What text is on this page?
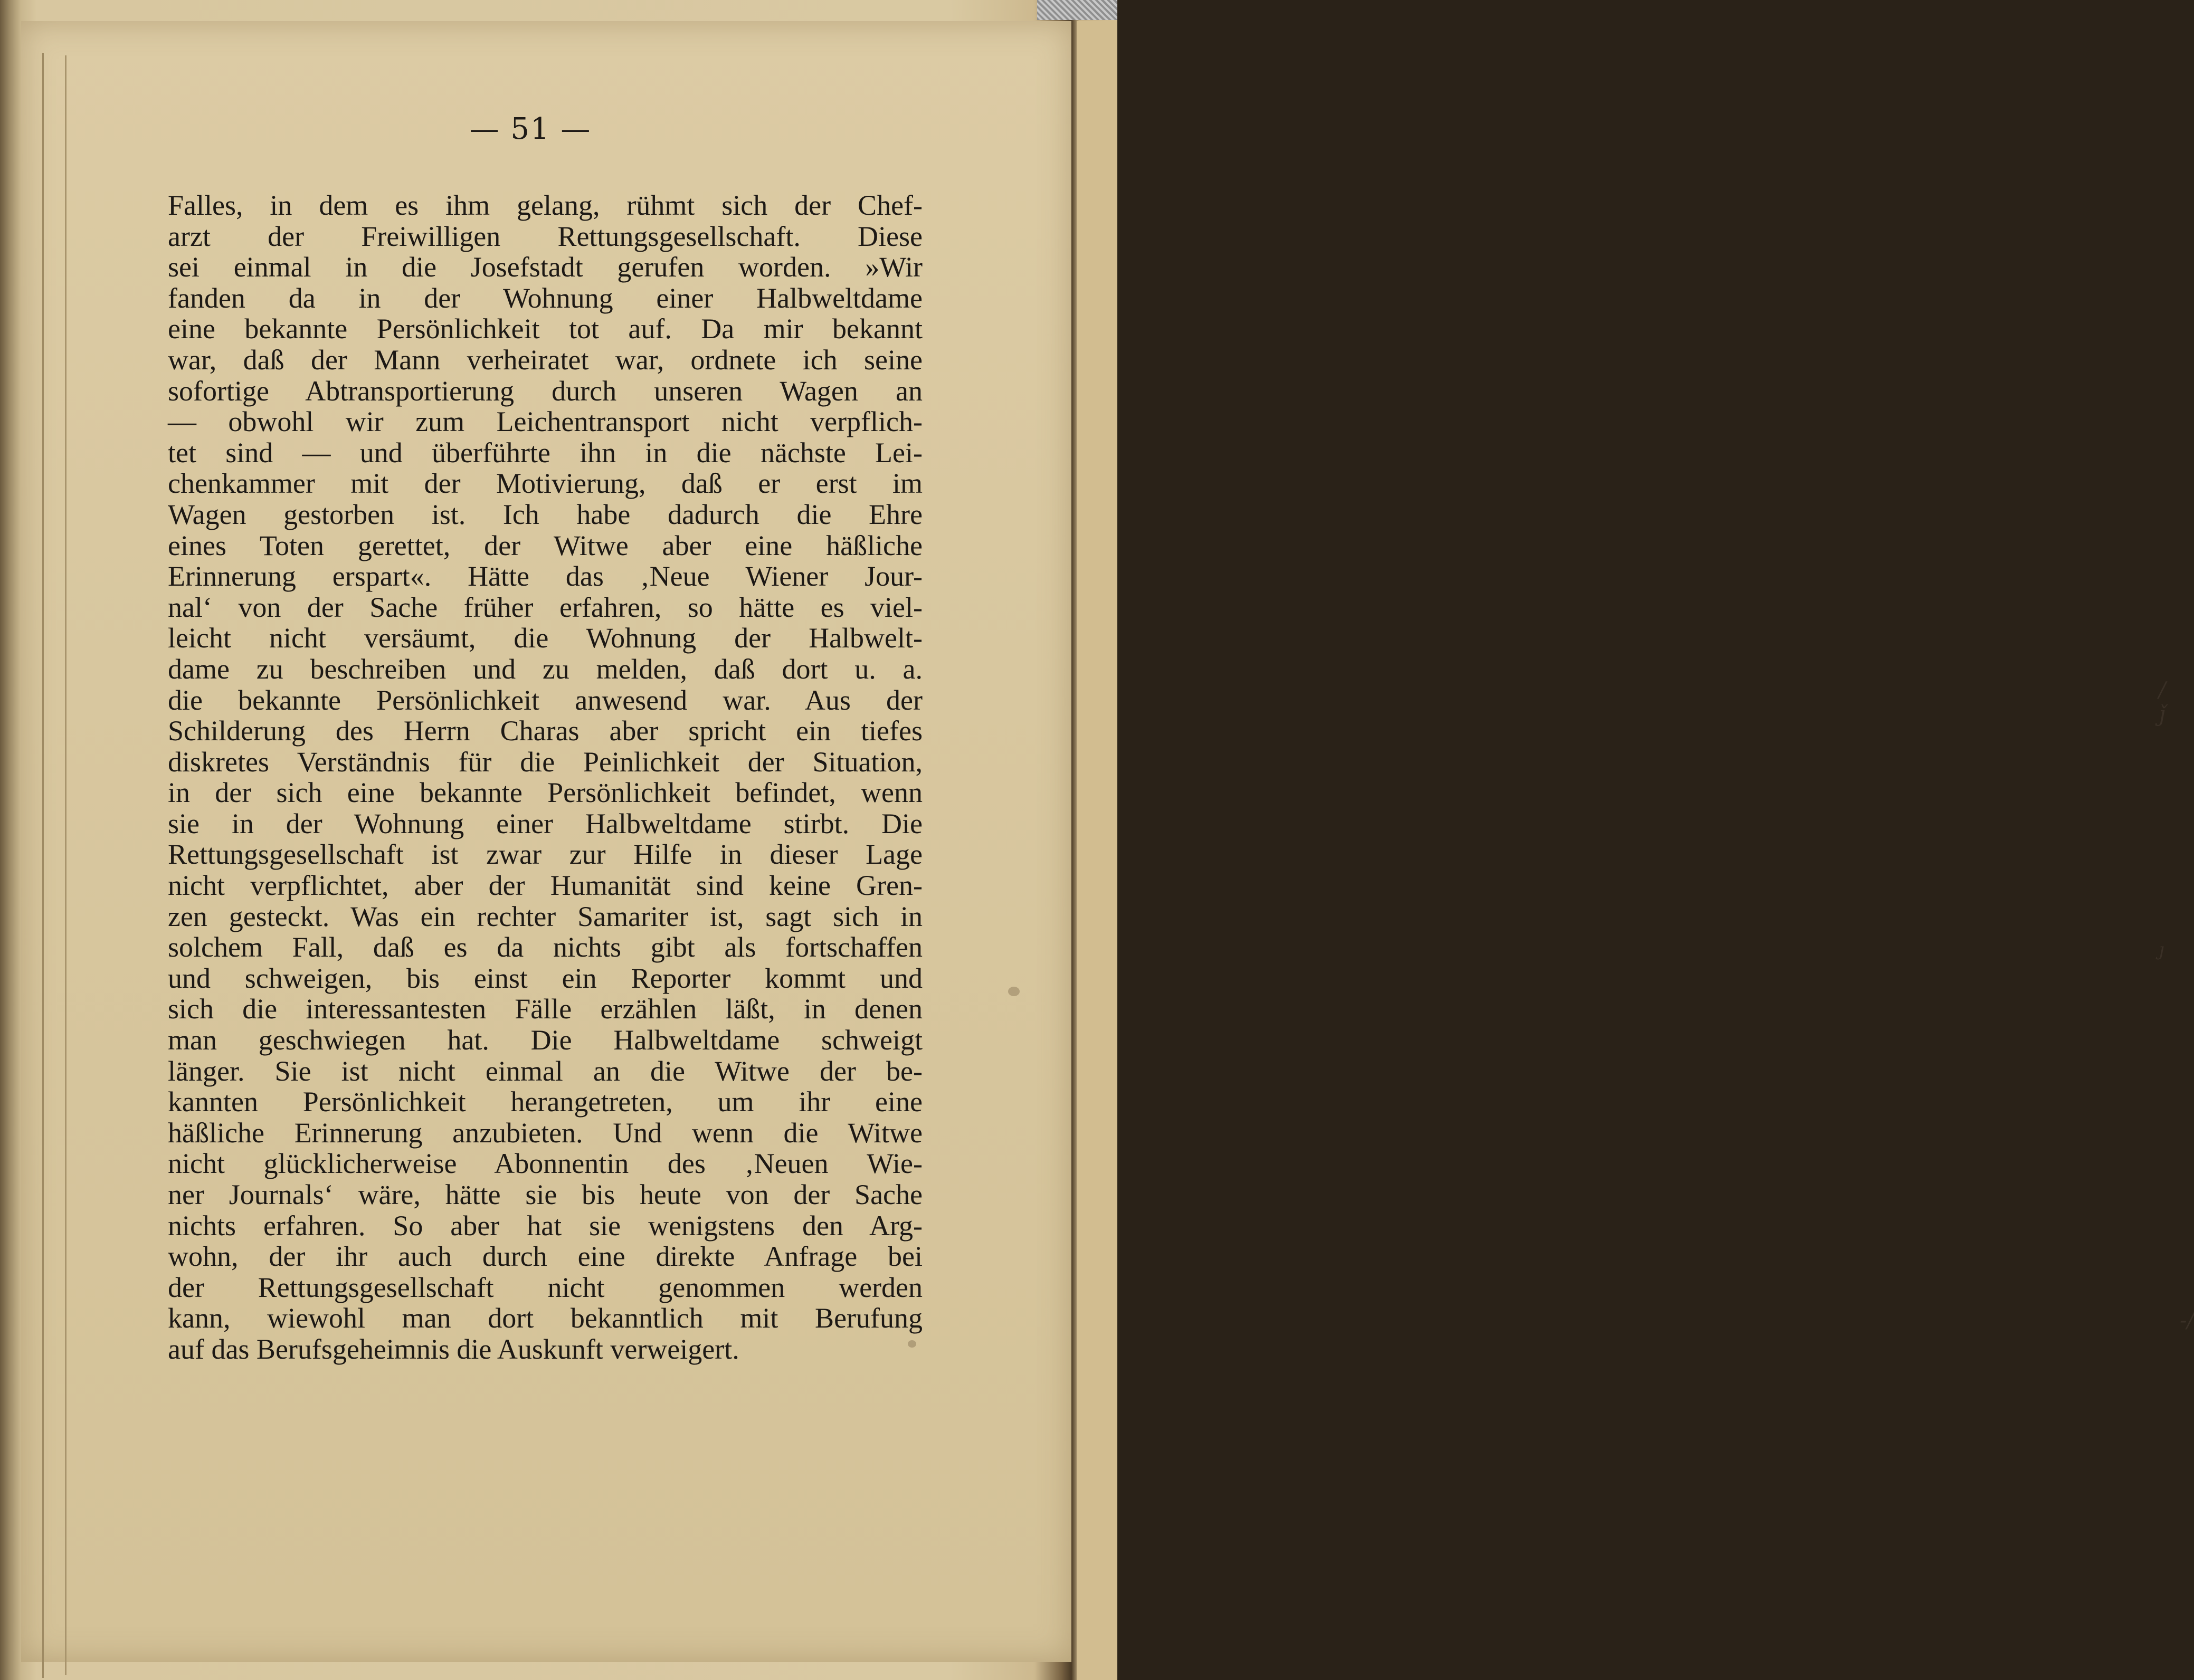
/ǰ
ȷ
-/
— 51 —
Falles, in dem es ihm gelang, rühmt sich der Chef-
arzt der Freiwilligen Rettungsgesellschaft. Diese
sei einmal in die Josefstadt gerufen worden. »Wir
fanden da in der Wohnung einer Halbweltdame
eine bekannte Persönlichkeit tot auf. Da mir bekannt
war, daß der Mann verheiratet war, ordnete ich seine
sofortige Abtransportierung durch unseren Wagen an
— obwohl wir zum Leichentransport nicht verpflich-
tet sind — und überführte ihn in die nächste Lei-
chenkammer mit der Motivierung, daß er erst im
Wagen gestorben ist. Ich habe dadurch die Ehre
eines Toten gerettet, der Witwe aber eine häßliche
Erinnerung erspart«. Hätte das ‚Neue Wiener Jour-
nal‘ von der Sache früher erfahren, so hätte es viel-
leicht nicht versäumt, die Wohnung der Halbwelt-
dame zu beschreiben und zu melden, daß dort u. a.
die bekannte Persönlichkeit anwesend war. Aus der
Schilderung des Herrn Charas aber spricht ein tiefes
diskretes Verständnis für die Peinlichkeit der Situation,
in der sich eine bekannte Persönlichkeit befindet, wenn
sie in der Wohnung einer Halbweltdame stirbt. Die
Rettungsgesellschaft ist zwar zur Hilfe in dieser Lage
nicht verpflichtet, aber der Humanität sind keine Gren-
zen gesteckt. Was ein rechter Samariter ist, sagt sich in
solchem Fall, daß es da nichts gibt als fortschaffen
und schweigen, bis einst ein Reporter kommt und
sich die interessantesten Fälle erzählen läßt, in denen
man geschwiegen hat. Die Halbweltdame schweigt
länger. Sie ist nicht einmal an die Witwe der be-
kannten Persönlichkeit herangetreten, um ihr eine
häßliche Erinnerung anzubieten. Und wenn die Witwe
nicht glücklicherweise Abonnentin des ‚Neuen Wie-
ner Journals‘ wäre, hätte sie bis heute von der Sache
nichts erfahren. So aber hat sie wenigstens den Arg-
wohn, der ihr auch durch eine direkte Anfrage bei
der Rettungsgesellschaft nicht genommen werden
kann, wiewohl man dort bekanntlich mit Berufung
auf das Berufsgeheimnis die Auskunft verweigert.
